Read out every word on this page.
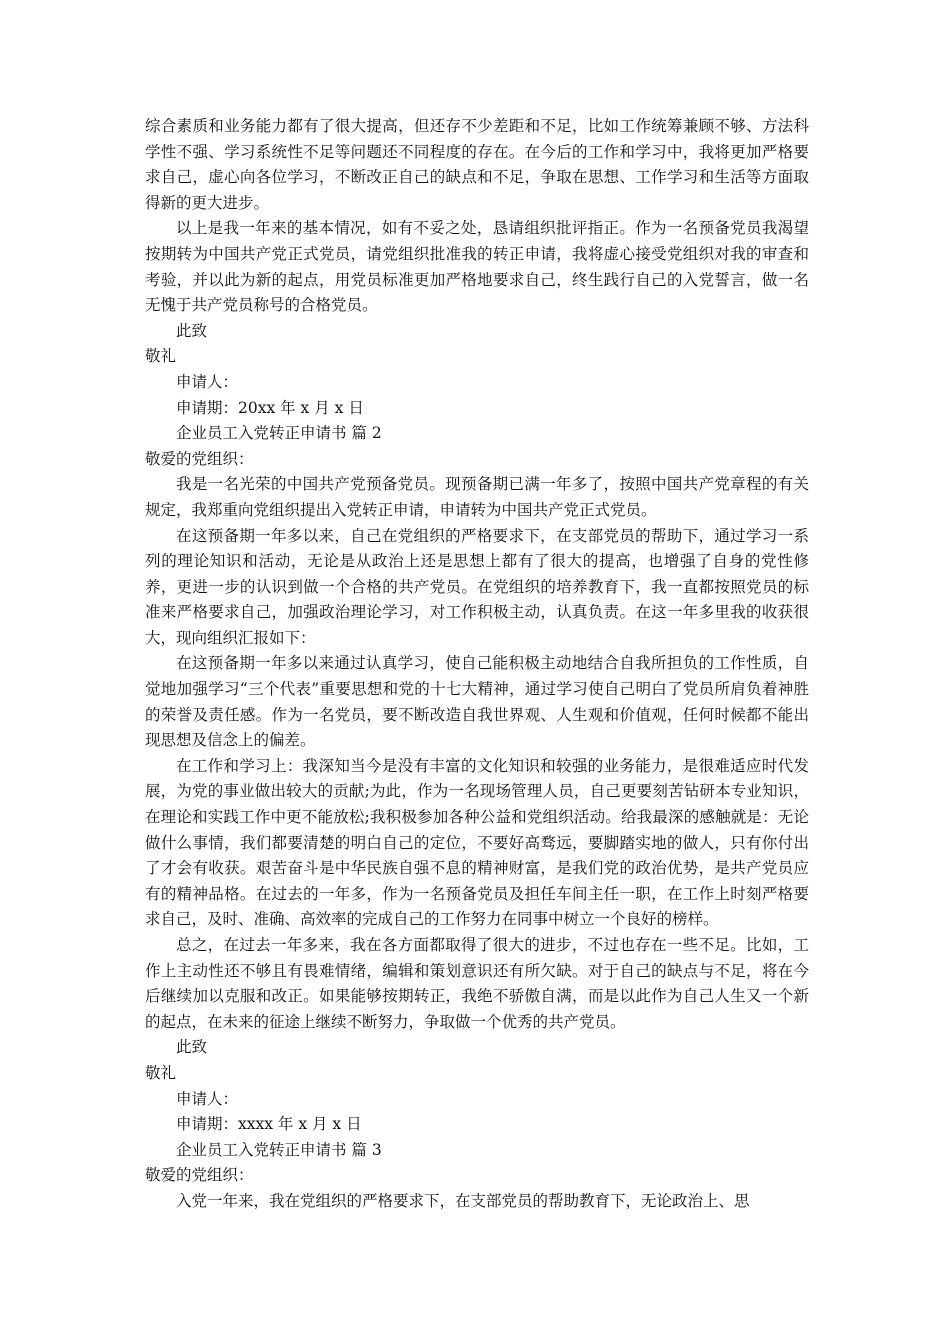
综合素质和业务能力都有了很大提高，但还存不少差距和不足，比如工作统筹兼顾不够、方法科学性不强、学习系统性不足等问题还不同程度的存在。在今后的工作和学习中，我将更加严格要求自己，虚心向各位学习，不断改正自己的缺点和不足，争取在思想、工作学习和生活等方面取得新的更大进步。

以上是我一年来的基本情况，如有不妥之处，恳请组织批评指正。作为一名预备党员我渴望按期转为中国共产党正式党员，请党组织批准我的转正申请，我将虚心接受党组织对我的审查和考验，并以此为新的起点，用党员标准更加严格地要求自己，终生践行自己的入党誓言，做一名无愧于共产党员称号的合格党员。

此致

敬礼

申请人：

申请期：20xx 年 x 月 x 日

企业员工入党转正申请书 篇 2

敬爱的党组织：

我是一名光荣的中国共产党预备党员。现预备期已满一年多了，按照中国共产党章程的有关规定，我郑重向党组织提出入党转正申请，申请转为中国共产党正式党员。

在这预备期一年多以来，自己在党组织的严格要求下，在支部党员的帮助下，通过学习一系列的理论知识和活动，无论是从政治上还是思想上都有了很大的提高，也增强了自身的党性修养，更进一步的认识到做一个合格的共产党员。在党组织的培养教育下，我一直都按照党员的标准来严格要求自己，加强政治理论学习，对工作积极主动，认真负责。在这一年多里我的收获很大，现向组织汇报如下：

在这预备期一年多以来通过认真学习，使自己能积极主动地结合自我所担负的工作性质，自觉地加强学习“三个代表”重要思想和党的十七大精神，通过学习使自己明白了党员所肩负着神胜的荣誉及责任感。作为一名党员，要不断改造自我世界观、人生观和价值观，任何时候都不能出现思想及信念上的偏差。

在工作和学习上：我深知当今是没有丰富的文化知识和较强的业务能力，是很难适应时代发展，为党的事业做出较大的贡献;为此，作为一名现场管理人员，自己更要刻苦钻研本专业知识，在理论和实践工作中更不能放松;我积极参加各种公益和党组织活动。给我最深的感触就是：无论做什么事情，我们都要清楚的明白自己的定位，不要好高骛远，要脚踏实地的做人，只有你付出了才会有收获。艰苦奋斗是中华民族自强不息的精神财富，是我们党的政治优势，是共产党员应有的精神品格。在过去的一年多，作为一名预备党员及担任车间主任一职，在工作上时刻严格要求自己，及时、准确、高效率的完成自己的工作努力在同事中树立一个良好的榜样。

总之，在过去一年多来，我在各方面都取得了很大的进步，不过也存在一些不足。比如，工作上主动性还不够且有畏难情绪，编辑和策划意识还有所欠缺。对于自己的缺点与不足，将在今后继续加以克服和改正。如果能够按期转正，我绝不骄傲自满，而是以此作为自己人生又一个新的起点，在未来的征途上继续不断努力，争取做一个优秀的共产党员。

此致

敬礼

申请人：

申请期：xxxx 年 x 月 x 日

企业员工入党转正申请书 篇 3

敬爱的党组织：

入党一年来，我在党组织的严格要求下，在支部党员的帮助教育下，无论政治上、思
